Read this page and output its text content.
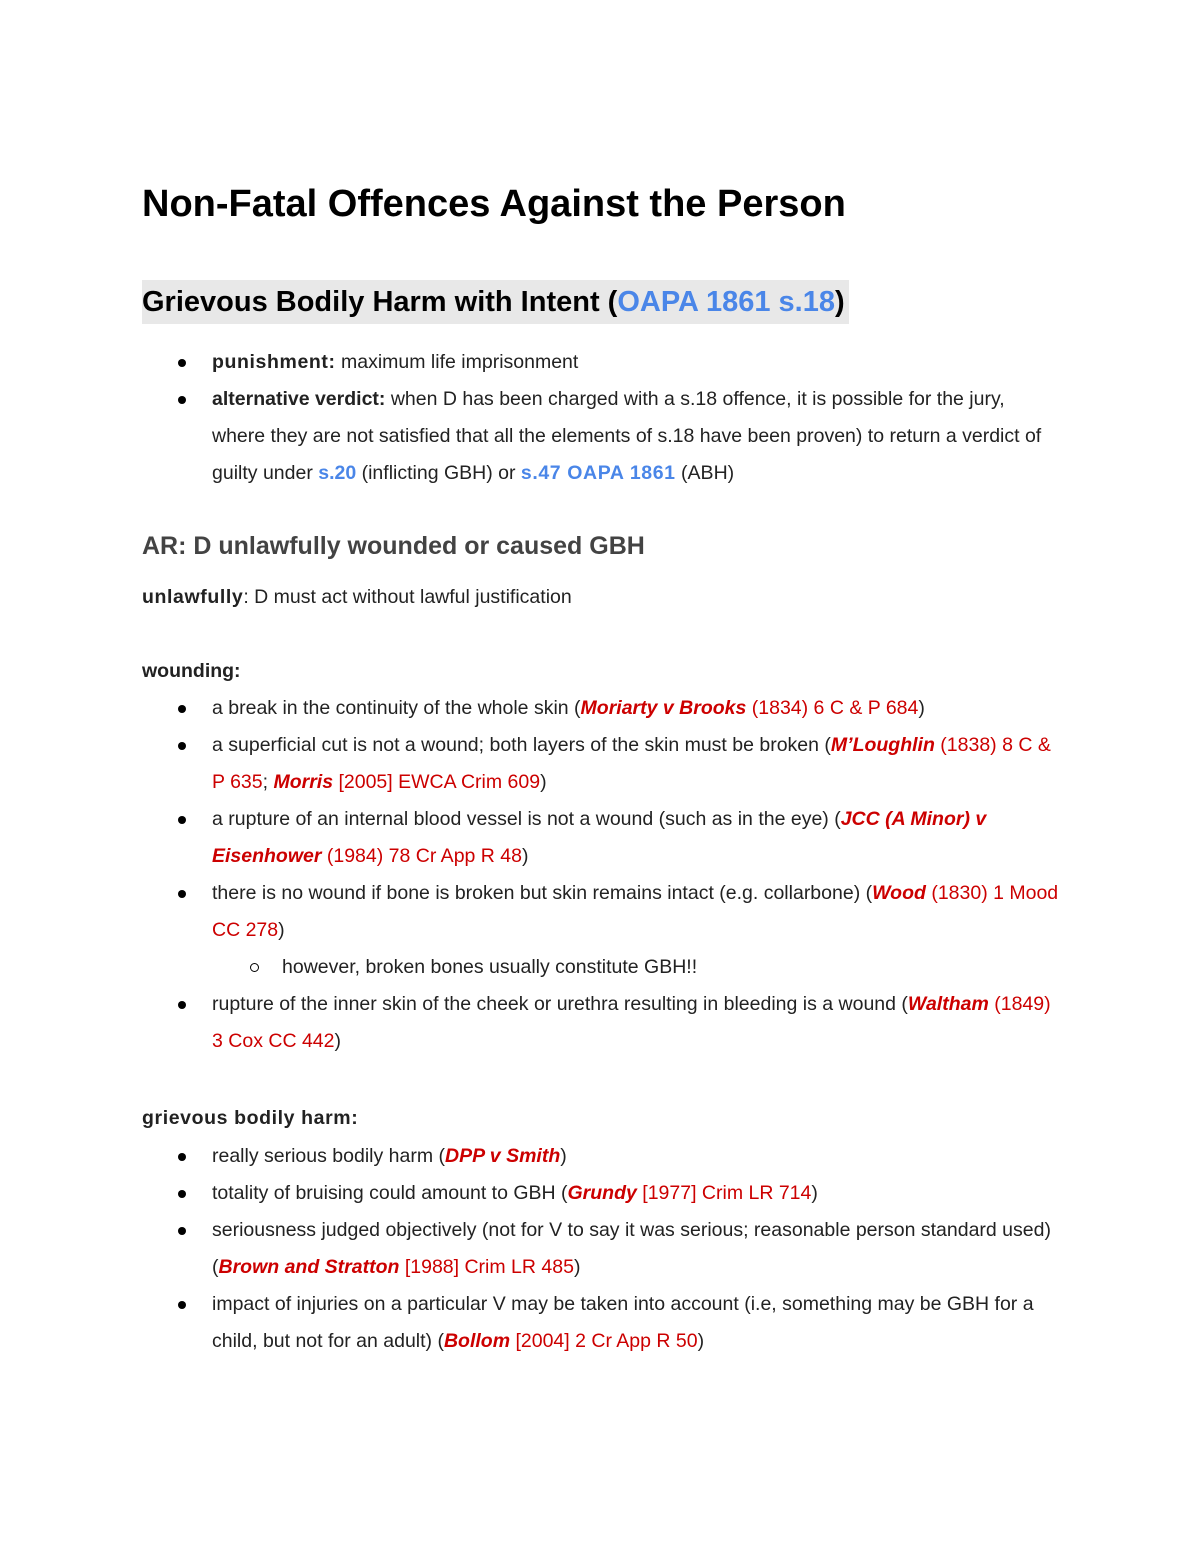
Non-Fatal Offences Against the Person
Grievous Bodily Harm with Intent (OAPA 1861 s.18)
punishment: maximum life imprisonment
alternative verdict: when D has been charged with a s.18 offence, it is possible for the jury, where they are not satisfied that all the elements of s.18 have been proven) to return a verdict of guilty under s.20 (inflicting GBH) or s.47 OAPA 1861 (ABH)
AR: D unlawfully wounded or caused GBH

unlawfully: D must act without lawful justification

wounding:

a break in the continuity of the whole skin (Moriarty v Brooks (1834) 6 C & P 684)
a superficial cut is not a wound; both layers of the skin must be broken (M’Loughlin (1838) 8 C & P 635; Morris [2005] EWCA Crim 609)
a rupture of an internal blood vessel is not a wound (such as in the eye) (JCC (A Minor) v Eisenhower (1984) 78 Cr App R 48)
there is no wound if bone is broken but skin remains intact (e.g. collarbone) (Wood (1830) 1 Mood CC 278)
however, broken bones usually constitute GBH!!
rupture of the inner skin of the cheek or urethra resulting in bleeding is a wound (Waltham (1849) 3 Cox CC 442)

grievous bodily harm:

really serious bodily harm (DPP v Smith)
totality of bruising could amount to GBH (Grundy [1977] Crim LR 714)
seriousness judged objectively (not for V to say it was serious; reasonable person standard used) (Brown and Stratton [1988] Crim LR 485)
impact of injuries on a particular V may be taken into account (i.e, something may be GBH for a child, but not for an adult) (Bollom [2004] 2 Cr App R 50)
